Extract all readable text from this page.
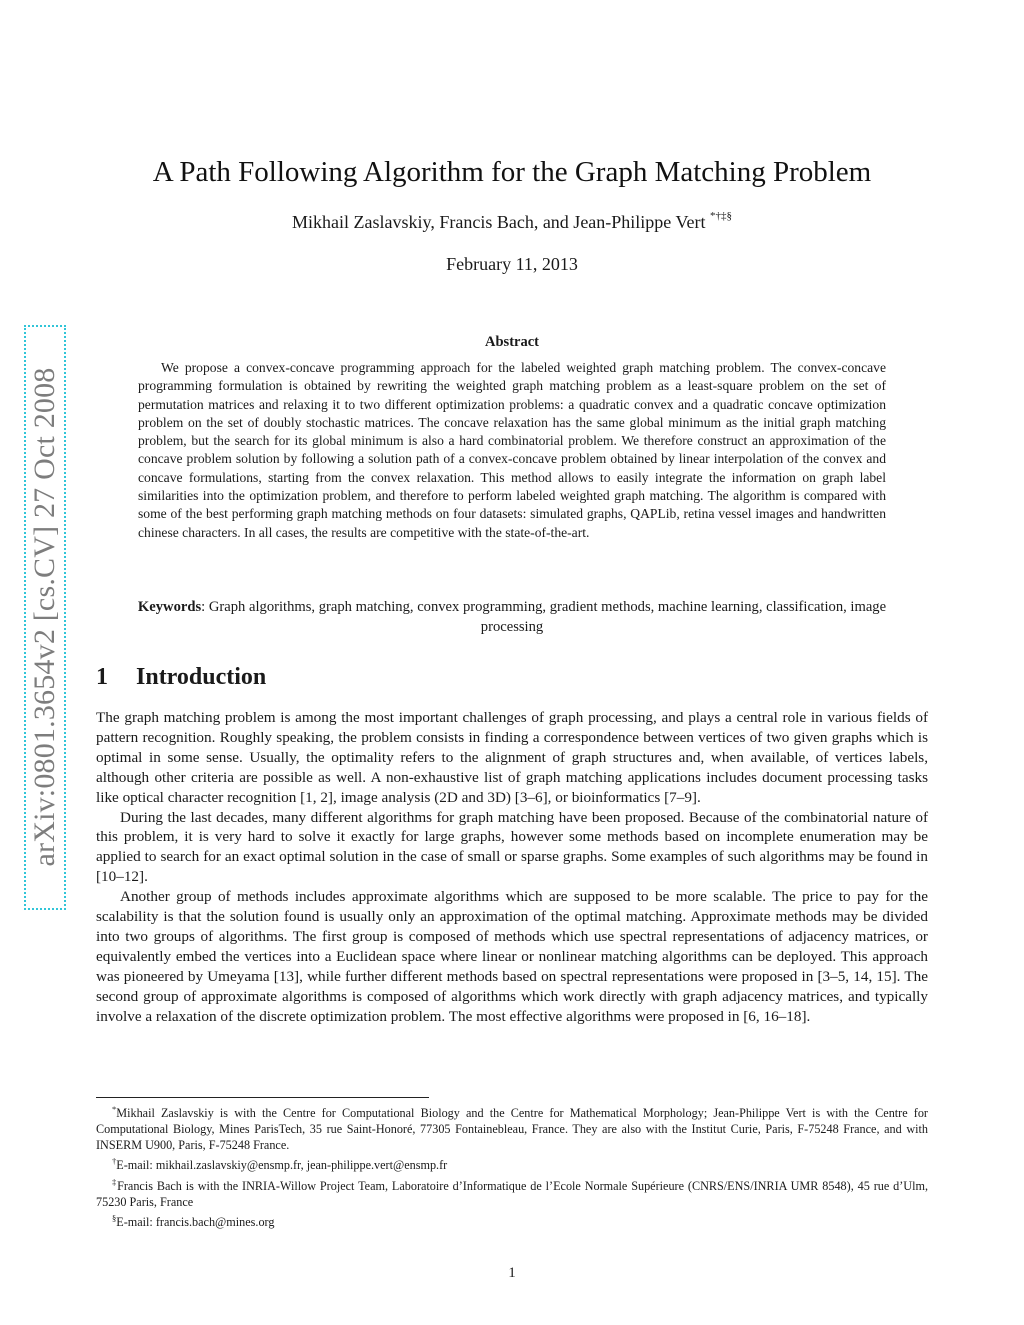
arXiv:0801.3654v2 [cs.CV] 27 Oct 2008
A Path Following Algorithm for the Graph Matching Problem
Mikhail Zaslavskiy, Francis Bach, and Jean-Philippe Vert *†‡§
February 11, 2013
Abstract

We propose a convex-concave programming approach for the labeled weighted graph matching problem. The convex-concave programming formulation is obtained by rewriting the weighted graph matching problem as a least-square problem on the set of permutation matrices and relaxing it to two different optimization problems: a quadratic convex and a quadratic concave optimization problem on the set of doubly stochastic matrices. The concave relaxation has the same global minimum as the initial graph matching problem, but the search for its global minimum is also a hard combinatorial problem. We therefore construct an approximation of the concave problem solution by following a solution path of a convex-concave problem obtained by linear interpolation of the convex and concave formulations, starting from the convex relaxation. This method allows to easily integrate the information on graph label similarities into the optimization problem, and therefore to perform labeled weighted graph matching. The algorithm is compared with some of the best performing graph matching methods on four datasets: simulated graphs, QAPLib, retina vessel images and handwritten chinese characters. In all cases, the results are competitive with the state-of-the-art.

Keywords: Graph algorithms, graph matching, convex programming, gradient methods, machine learning, classification, image processing
1 Introduction

The graph matching problem is among the most important challenges of graph processing, and plays a central role in various fields of pattern recognition. Roughly speaking, the problem consists in finding a correspondence between vertices of two given graphs which is optimal in some sense. Usually, the optimality refers to the alignment of graph structures and, when available, of vertices labels, although other criteria are possible as well. A non-exhaustive list of graph matching applications includes document processing tasks like optical character recognition [1, 2], image analysis (2D and 3D) [3–6], or bioinformatics [7–9].

During the last decades, many different algorithms for graph matching have been proposed. Because of the combinatorial nature of this problem, it is very hard to solve it exactly for large graphs, however some methods based on incomplete enumeration may be applied to search for an exact optimal solution in the case of small or sparse graphs. Some examples of such algorithms may be found in [10–12].

Another group of methods includes approximate algorithms which are supposed to be more scalable. The price to pay for the scalability is that the solution found is usually only an approximation of the optimal matching. Approximate methods may be divided into two groups of algorithms. The first group is composed of methods which use spectral representations of adjacency matrices, or equivalently embed the vertices into a Euclidean space where linear or nonlinear matching algorithms can be deployed. This approach was pioneered by Umeyama [13], while further different methods based on spectral representations were proposed in [3–5, 14, 15]. The second group of approximate algorithms is composed of algorithms which work directly with graph adjacency matrices, and typically involve a relaxation of the discrete optimization problem. The most effective algorithms were proposed in [6, 16–18].

*Mikhail Zaslavskiy is with the Centre for Computational Biology and the Centre for Mathematical Morphology; Jean-Philippe Vert is with the Centre for Computational Biology, Mines ParisTech, 35 rue Saint-Honoré, 77305 Fontainebleau, France. They are also with the Institut Curie, Paris, F-75248 France, and with INSERM U900, Paris, F-75248 France.

†E-mail: mikhail.zaslavskiy@ensmp.fr, jean-philippe.vert@ensmp.fr

‡Francis Bach is with the INRIA-Willow Project Team, Laboratoire d’Informatique de l’Ecole Normale Supérieure (CNRS/ENS/INRIA UMR 8548), 45 rue d’Ulm, 75230 Paris, France

§E-mail: francis.bach@mines.org

1
